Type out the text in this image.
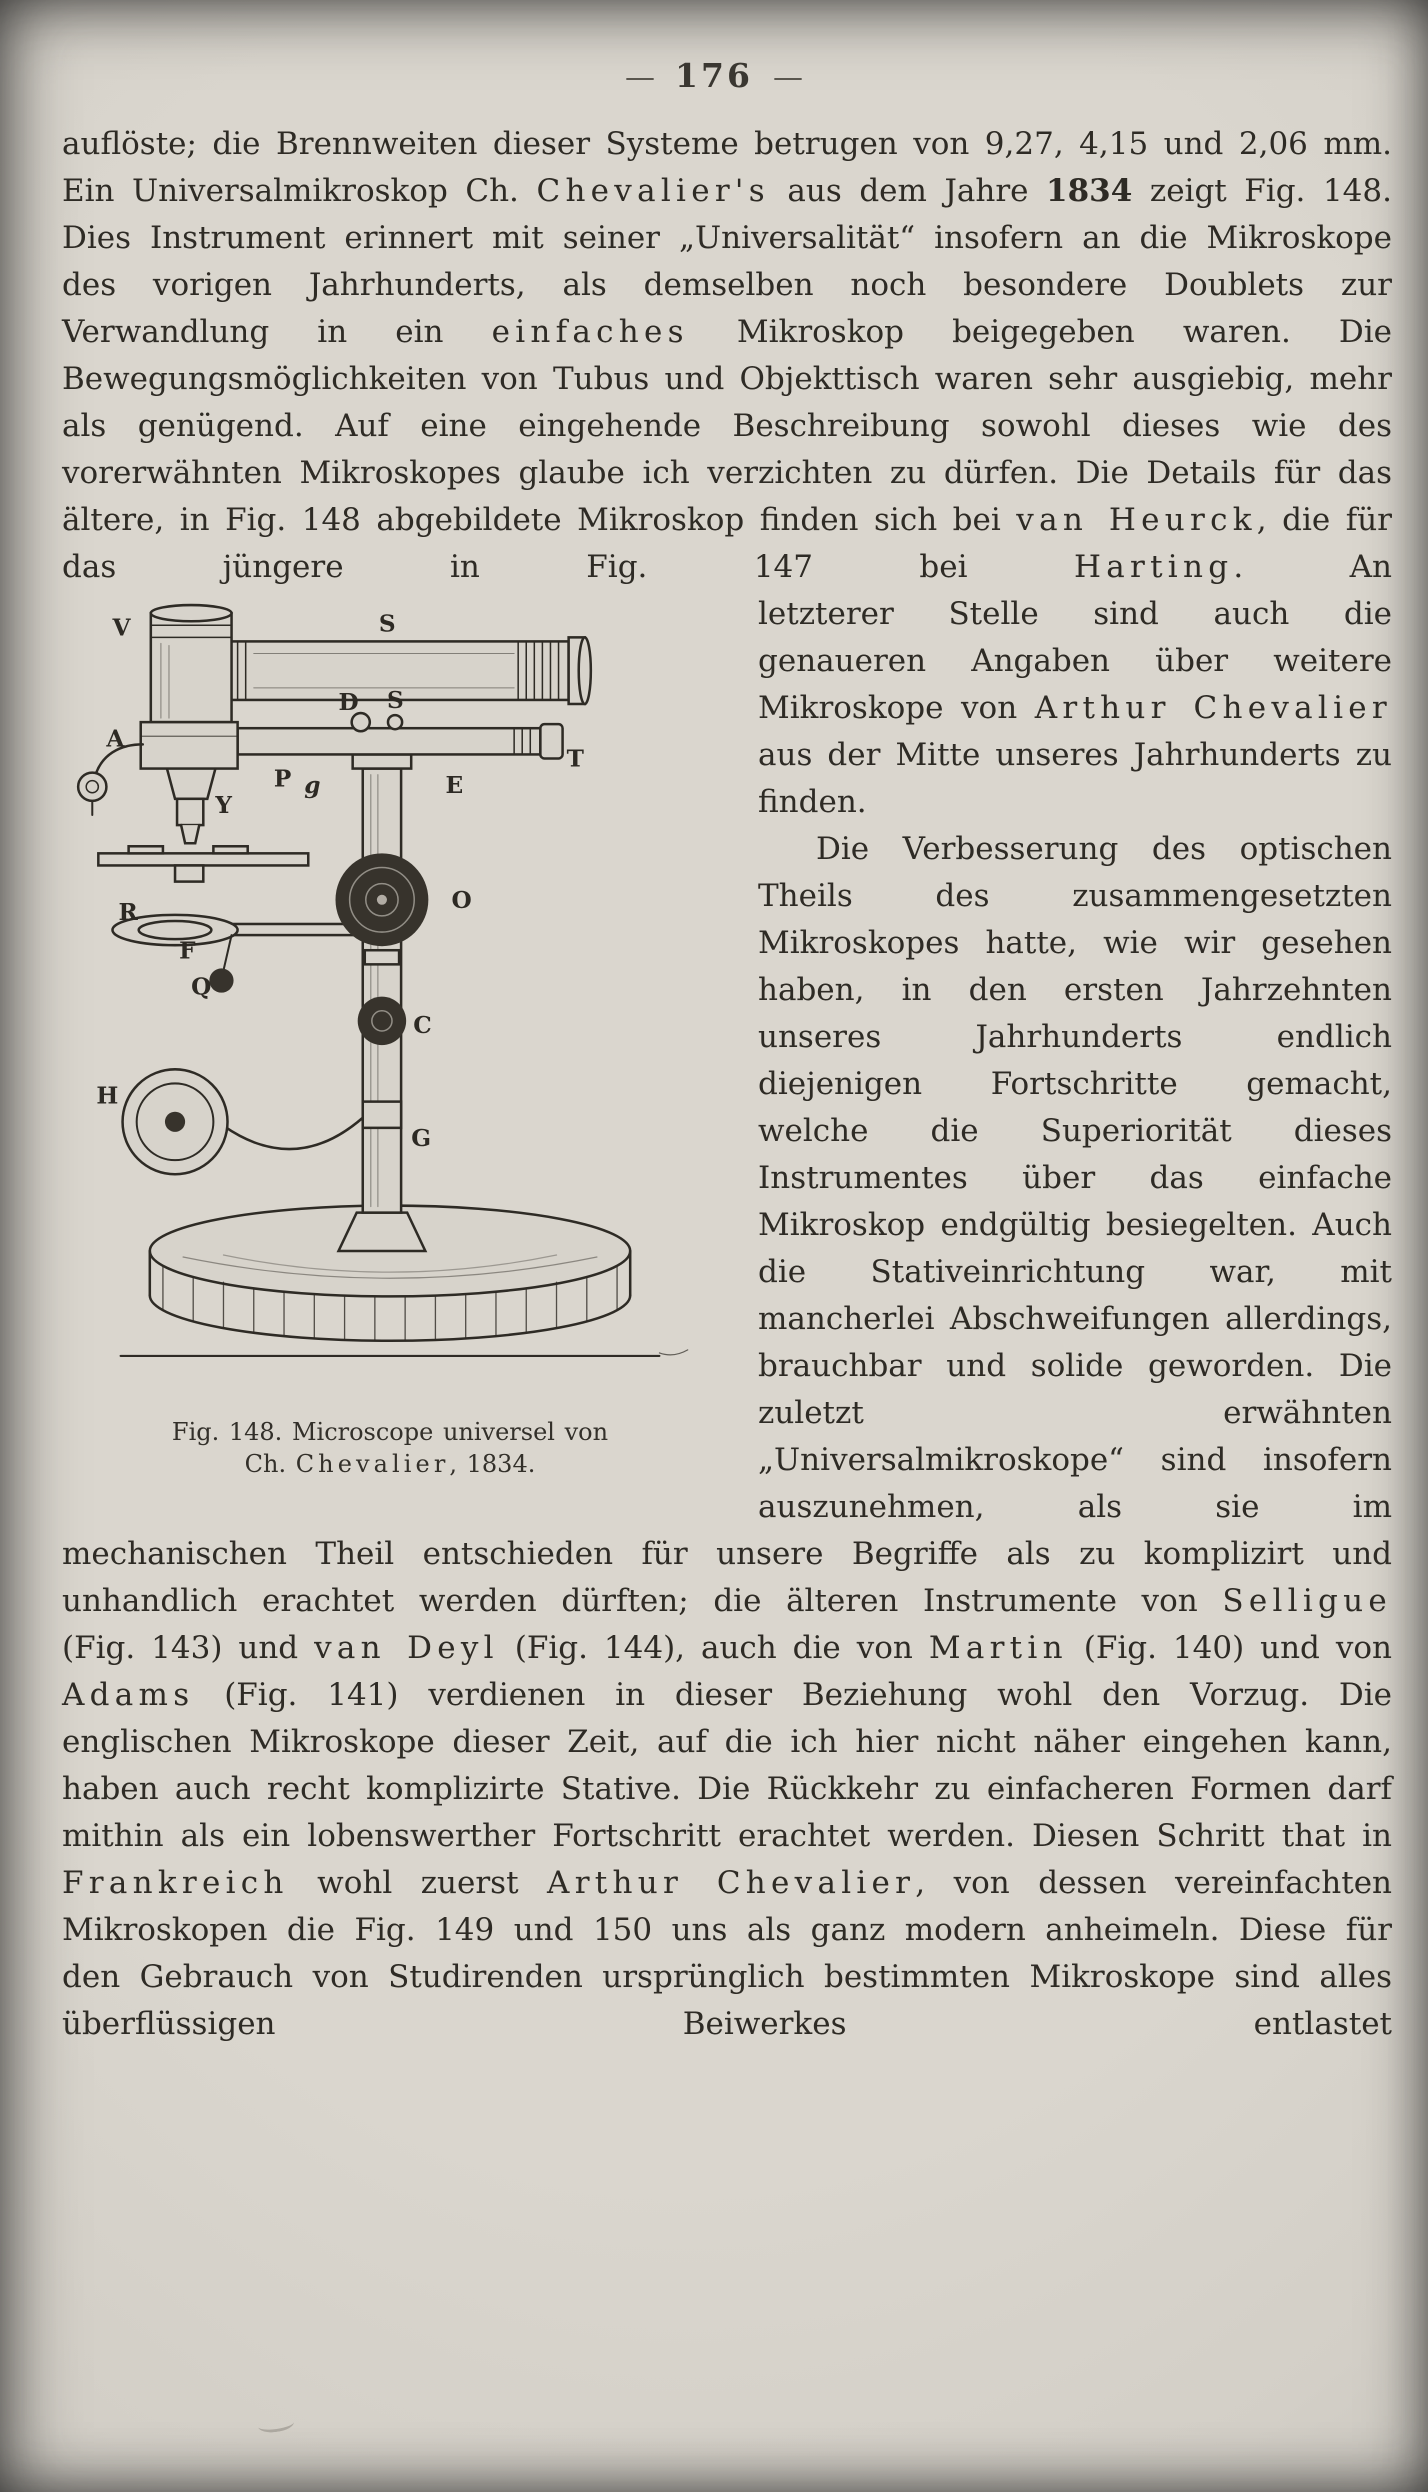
— 176 —

auflöste; die Brennweiten dieser Systeme betrugen von 9,27, 4,15 und 2,06 mm. Ein Universalmikroskop Ch. Chevalier's aus dem Jahre 1834 zeigt Fig. 148. Dies Instrument erinnert mit seiner „Universalität“ insofern an die Mikroskope des vorigen Jahrhunderts, als demselben noch besondere Doublets zur Verwandlung in ein einfaches Mikroskop beigegeben waren. Die Bewegungsmöglichkeiten von Tubus und Objekttisch waren sehr ausgiebig, mehr als genügend. Auf eine eingehende Beschreibung sowohl dieses wie des vorerwähnten Mikroskopes glaube ich verzichten zu dürfen. Die Details für das ältere, in Fig. 148 abgebildete Mikroskop finden sich bei van Heurck, die für das jüngere in Fig. 147 bei Harting. An

V	S
A
D S
T
P g
Y
E
O
R
F
Q
C
H
G
Fig. 148. Microscope universel von
Ch. Chevalier, 1834.

letzterer Stelle sind auch die genaueren Angaben über weitere Mikroskope von Arthur Chevalier aus der Mitte unseres Jahrhunderts zu finden.

Die Verbesserung des optischen Theils des zusammengesetzten Mikroskopes hatte, wie wir gesehen haben, in den ersten Jahrzehnten unseres Jahrhunderts endlich diejenigen Fortschritte gemacht, welche die Superiorität dieses Instrumentes über das einfache Mikroskop endgültig besiegelten. Auch die Stativeinrichtung war, mit mancherlei Abschweifungen allerdings, brauchbar und solide geworden. Die zuletzt erwähnten „Universalmikroskope“ sind insofern auszunehmen, als sie im mechanischen Theil entschieden für unsere Begriffe als zu komplizirt und unhandlich erachtet werden dürften; die älteren Instrumente von Selligue (Fig. 143) und van Deyl (Fig. 144), auch die von Martin (Fig. 140) und von Adams (Fig. 141) verdienen in dieser Beziehung wohl den Vorzug. Die englischen Mikroskope dieser Zeit, auf die ich hier nicht näher eingehen kann, haben auch recht komplizirte Stative. Die Rückkehr zu einfacheren Formen darf mithin als ein lobenswerther Fortschritt erachtet werden. Diesen Schritt that in Frankreich wohl zuerst Arthur Chevalier, von dessen vereinfachten Mikroskopen die Fig. 149 und 150 uns als ganz modern anheimeln. Diese für den Gebrauch von Studirenden ursprünglich bestimmten Mikroskope sind alles überflüssigen Beiwerkes entlastet
